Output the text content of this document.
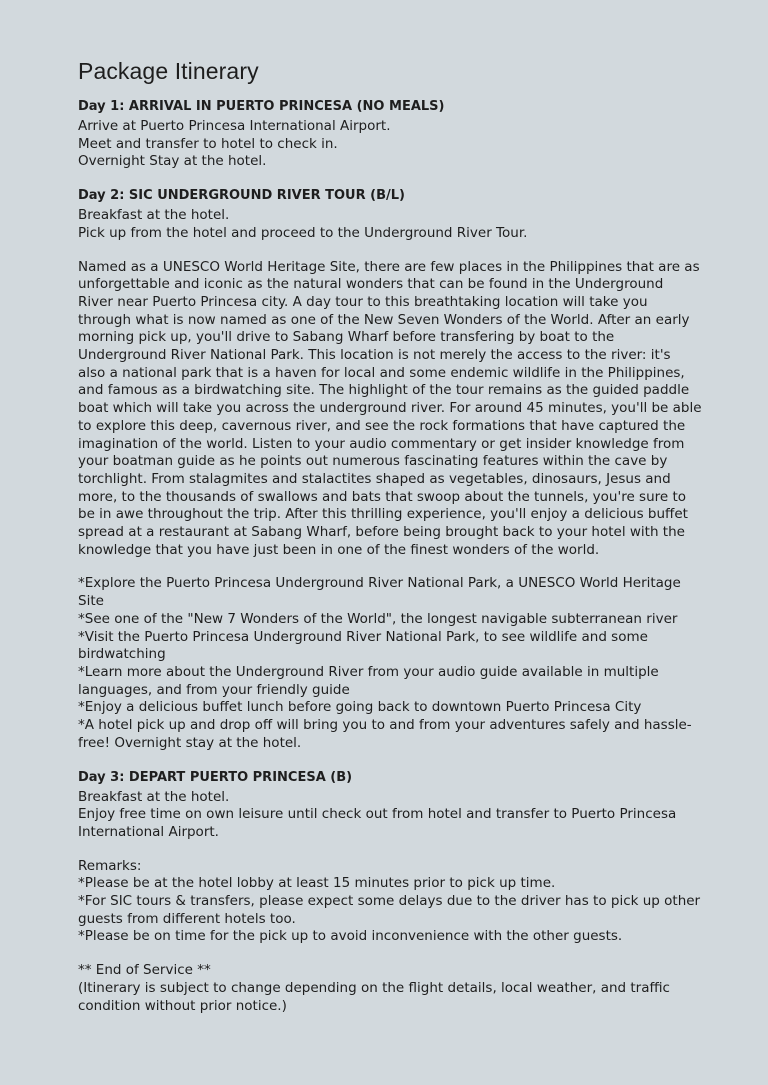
Package Itinerary

Day 1: ARRIVAL IN PUERTO PRINCESA (NO MEALS)

Arrive at Puerto Princesa International Airport.

Meet and transfer to hotel to check in.

Overnight Stay at the hotel.

Day 2: SIC UNDERGROUND RIVER TOUR (B/L)

Breakfast at the hotel.

Pick up from the hotel and proceed to the Underground River Tour.

Named as a UNESCO World Heritage Site, there are few places in the Philippines that are as unforgettable and iconic as the natural wonders that can be found in the Underground River near Puerto Princesa city. A day tour to this breathtaking location will take you through what is now named as one of the New Seven Wonders of the World. After an early morning pick up, you'll drive to Sabang Wharf before transfering by boat to the Underground River National Park. This location is not merely the access to the river: it's also a national park that is a haven for local and some endemic wildlife in the Philippines, and famous as a birdwatching site. The highlight of the tour remains as the guided paddle boat which will take you across the underground river. For around 45 minutes, you'll be able to explore this deep, cavernous river, and see the rock formations that have captured the imagination of the world. Listen to your audio commentary or get insider knowledge from your boatman guide as he points out numerous fascinating features within the cave by torchlight. From stalagmites and stalactites shaped as vegetables, dinosaurs, Jesus and more, to the thousands of swallows and bats that swoop about the tunnels, you're sure to be in awe throughout the trip. After this thrilling experience, you'll enjoy a delicious buffet spread at a restaurant at Sabang Wharf, before being brought back to your hotel with the knowledge that you have just been in one of the finest wonders of the world.

*Explore the Puerto Princesa Underground River National Park, a UNESCO World Heritage Site

*See one of the "New 7 Wonders of the World", the longest navigable subterranean river

*Visit the Puerto Princesa Underground River National Park, to see wildlife and some birdwatching

*Learn more about the Underground River from your audio guide available in multiple languages, and from your friendly guide

*Enjoy a delicious buffet lunch before going back to downtown Puerto Princesa City

*A hotel pick up and drop off will bring you to and from your adventures safely and hassle-free! Overnight stay at the hotel.

Day 3: DEPART PUERTO PRINCESA (B)

Breakfast at the hotel.

Enjoy free time on own leisure until check out from hotel and transfer to Puerto Princesa International Airport.

Remarks:

*Please be at the hotel lobby at least 15 minutes prior to pick up time.

*For SIC tours & transfers, please expect some delays due to the driver has to pick up other guests from different hotels too.

*Please be on time for the pick up to avoid inconvenience with the other guests.

** End of Service **

(Itinerary is subject to change depending on the flight details, local weather, and traffic condition without prior notice.)
